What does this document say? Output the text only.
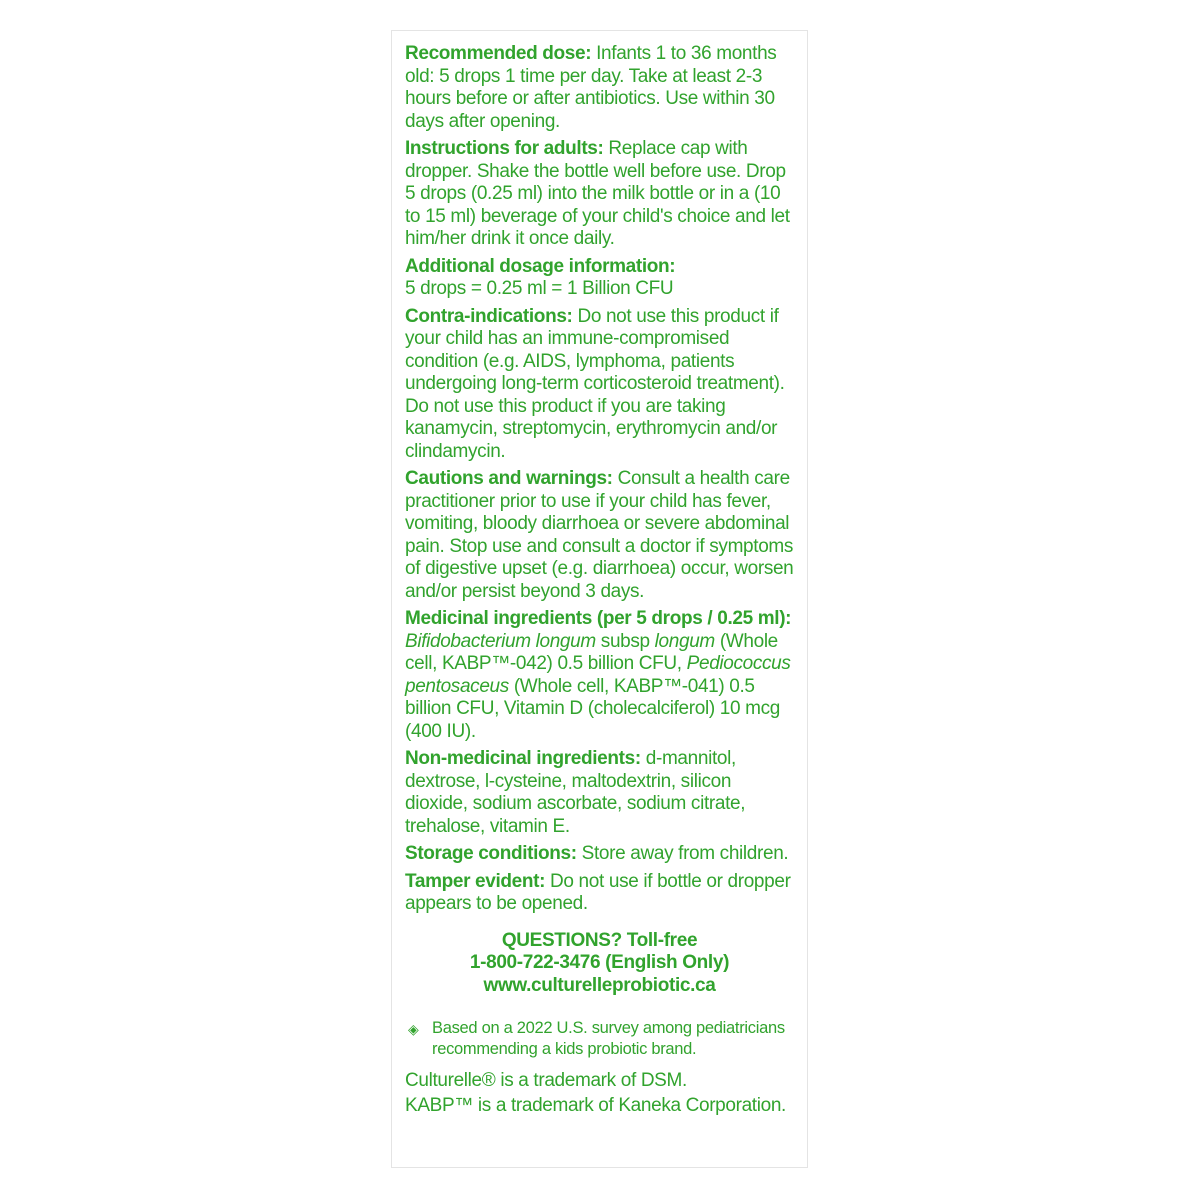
Recommended dose: Infants 1 to 36 months old: 5 drops 1 time per day. Take at least 2-3 hours before or after antibiotics. Use within 30 days after opening.

Instructions for adults: Replace cap with dropper. Shake the bottle well before use. Drop 5 drops (0.25 ml) into the milk bottle or in a (10 to 15 ml) beverage of your child's choice and let him/her drink it once daily.

Additional dosage information:
5 drops = 0.25 ml = 1 Billion CFU

Contra-indications: Do not use this product if your child has an immune-compromised condition (e.g. AIDS, lymphoma, patients undergoing long-term corticosteroid treatment). Do not use this product if you are taking kanamycin, streptomycin, erythromycin and/or clindamycin.

Cautions and warnings: Consult a health care practitioner prior to use if your child has fever, vomiting, bloody diarrhoea or severe abdominal pain. Stop use and consult a doctor if symptoms of digestive upset (e.g. diarrhoea) occur, worsen and/or persist beyond 3 days.

Medicinal ingredients (per 5 drops / 0.25 ml): Bifidobacterium longum subsp longum (Whole cell, KABP™-042) 0.5 billion CFU, Pediococcus pentosaceus (Whole cell, KABP™-041) 0.5 billion CFU, Vitamin D (cholecalciferol) 10 mcg (400 IU).

Non-medicinal ingredients: d-mannitol, dextrose, l-cysteine, maltodextrin, silicon dioxide, sodium ascorbate, sodium citrate, trehalose, vitamin E.

Storage conditions: Store away from children.

Tamper evident: Do not use if bottle or dropper appears to be opened.

QUESTIONS? Toll-free
1-800-722-3476 (English Only)
www.culturelleprobiotic.ca
◈ Based on a 2022 U.S. survey among pediatricians recommending a kids probiotic brand.
Culturelle® is a trademark of DSM.
KABP™ is a trademark of Kaneka Corporation.
